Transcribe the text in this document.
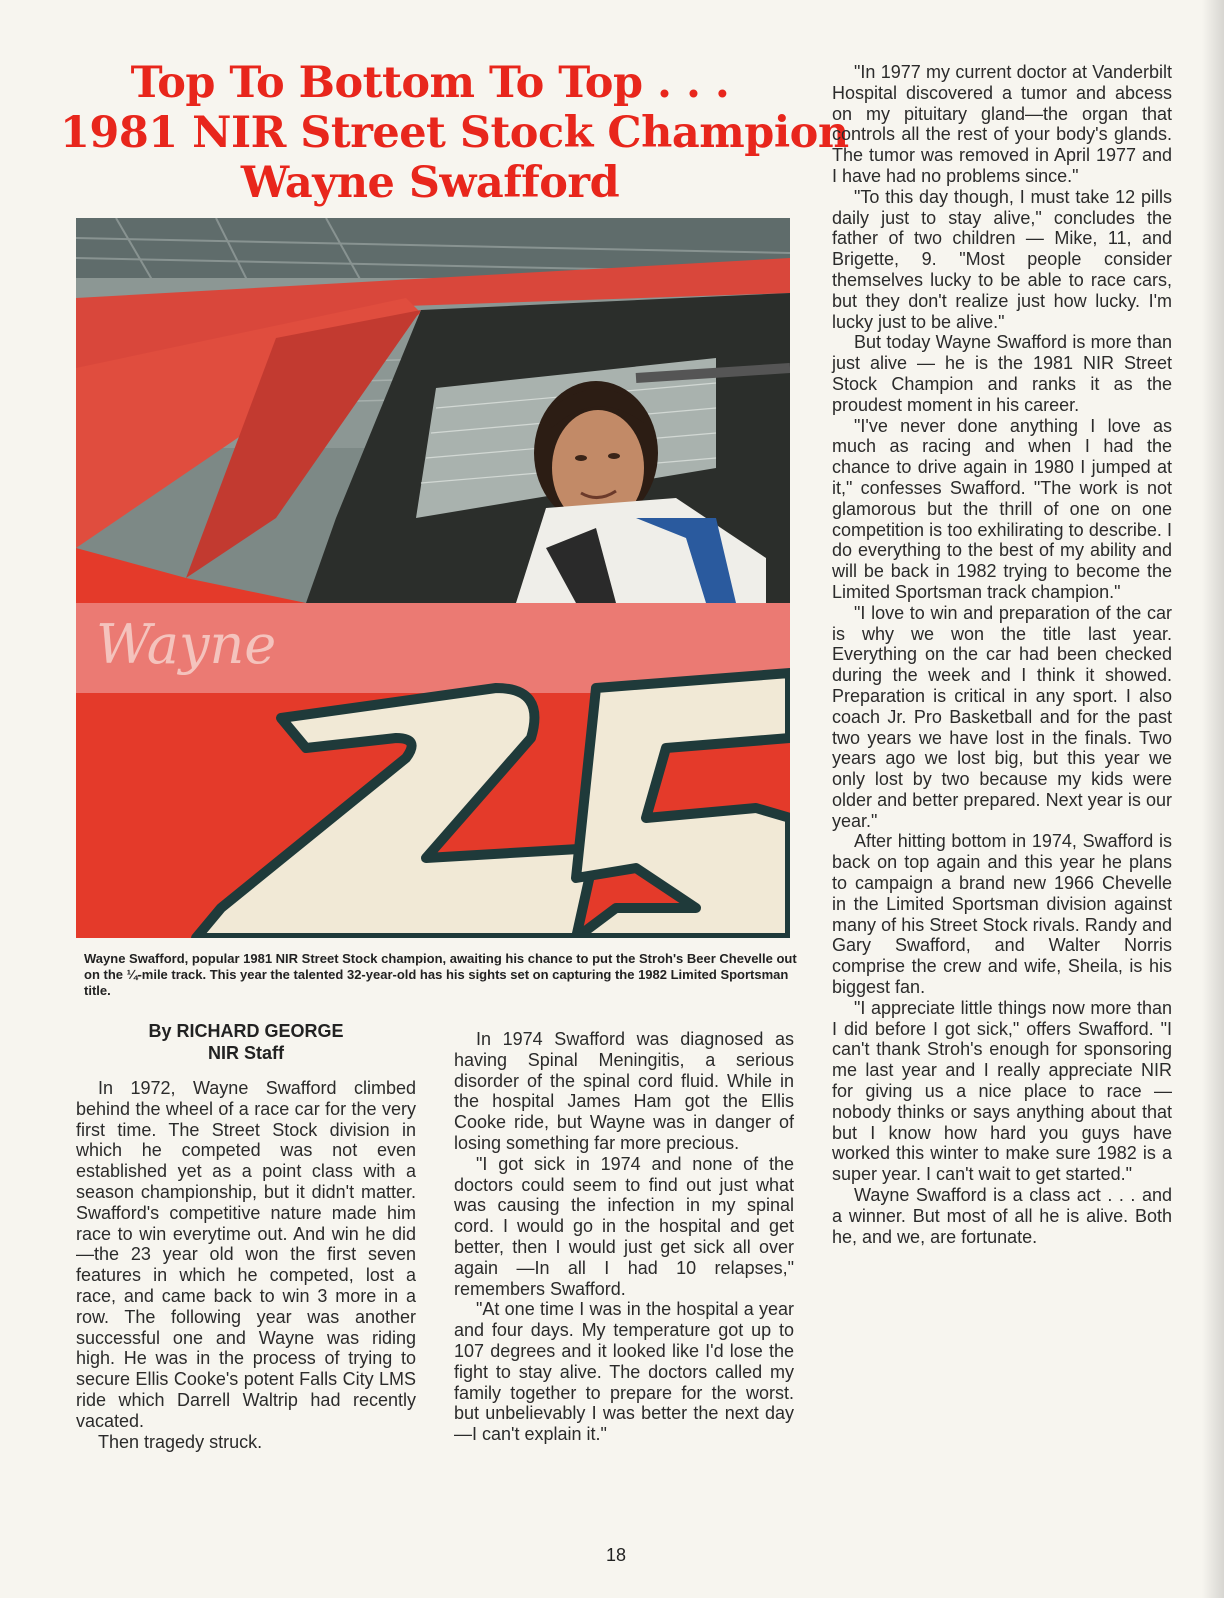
Top To Bottom To Top . . .
1981 NIR Street Stock Champion
Wayne Swafford
Wayne
Wayne Swafford, popular 1981 NIR Street Stock champion, awaiting his chance to put the Stroh's Beer Chevelle out on the ¼-mile track. This year the talented 32-year-old has his sights set on capturing the 1982 Limited Sportsman title.
By RICHARD GEORGE
NIR Staff

In 1972, Wayne Swafford climbed behind the wheel of a race car for the very first time. The Street Stock division in which he competed was not even established yet as a point class with a season championship, but it didn't matter. Swafford's competitive nature made him race to win everytime out. And win he did—the 23 year old won the first seven features in which he competed, lost a race, and came back to win 3 more in a row. The following year was another successful one and Wayne was riding high. He was in the process of trying to secure Ellis Cooke's potent Falls City LMS ride which Darrell Waltrip had recently vacated.

Then tragedy struck.

In 1974 Swafford was diagnosed as having Spinal Meningitis, a serious disorder of the spinal cord fluid. While in the hospital James Ham got the Ellis Cooke ride, but Wayne was in danger of losing something far more precious.

"I got sick in 1974 and none of the doctors could seem to find out just what was causing the infection in my spinal cord. I would go in the hospital and get better, then I would just get sick all over again —In all I had 10 relapses," remembers Swafford.

"At one time I was in the hospital a year and four days. My temperature got up to 107 degrees and it looked like I'd lose the fight to stay alive. The doctors called my family together to prepare for the worst. but unbelievably I was better the next day—I can't explain it."

"In 1977 my current doctor at Vanderbilt Hospital discovered a tumor and abcess on my pituitary gland—the organ that controls all the rest of your body's glands. The tumor was removed in April 1977 and I have had no problems since."

"To this day though, I must take 12 pills daily just to stay alive," concludes the father of two children — Mike, 11, and Brigette, 9. "Most people consider themselves lucky to be able to race cars, but they don't realize just how lucky. I'm lucky just to be alive."

But today Wayne Swafford is more than just alive — he is the 1981 NIR Street Stock Champion and ranks it as the proudest moment in his career.

"I've never done anything I love as much as racing and when I had the chance to drive again in 1980 I jumped at it," confesses Swafford. "The work is not glamorous but the thrill of one on one competition is too exhilirating to describe. I do everything to the best of my ability and will be back in 1982 trying to become the Limited Sportsman track champion."

"I love to win and preparation of the car is why we won the title last year. Everything on the car had been checked during the week and I think it showed. Preparation is critical in any sport. I also coach Jr. Pro Basketball and for the past two years we have lost in the finals. Two years ago we lost big, but this year we only lost by two because my kids were older and better prepared. Next year is our year."

After hitting bottom in 1974, Swafford is back on top again and this year he plans to campaign a brand new 1966 Chevelle in the Limited Sportsman division against many of his Street Stock rivals. Randy and Gary Swafford, and Walter Norris comprise the crew and wife, Sheila, is his biggest fan.

"I appreciate little things now more than I did before I got sick," offers Swafford. "I can't thank Stroh's enough for sponsoring me last year and I really appreciate NIR for giving us a nice place to race — nobody thinks or says anything about that but I know how hard you guys have worked this winter to make sure 1982 is a super year. I can't wait to get started."

Wayne Swafford is a class act . . . and a winner. But most of all he is alive. Both he, and we, are fortunate.

18
